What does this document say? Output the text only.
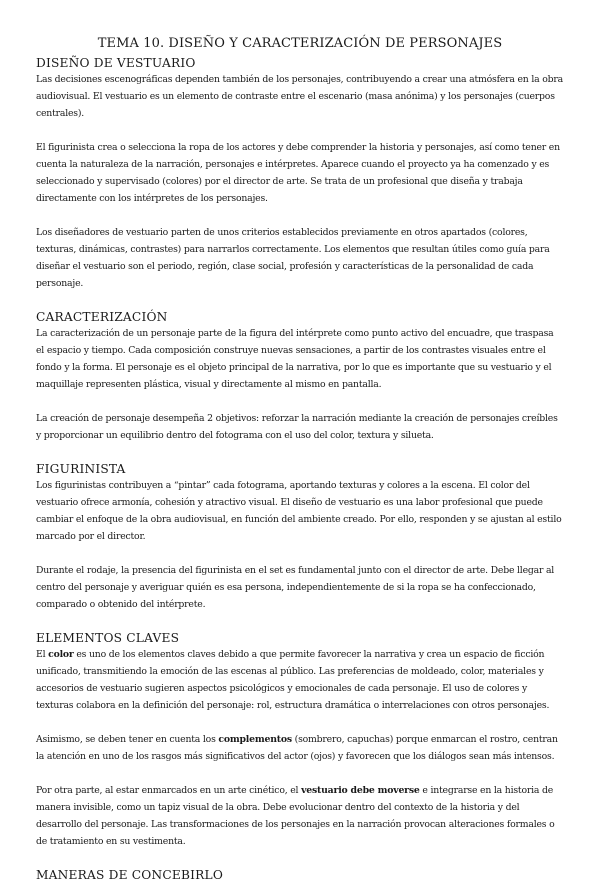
TEMA 10. DISEÑO Y CARACTERIZACIÓN DE PERSONAJES
DISEÑO DE VESTUARIO

Las decisiones escenográficas dependen también de los personajes, contribuyendo a crear una atmósfera en la obra audiovisual. El vestuario es un elemento de contraste entre el escenario (masa anónima) y los personajes (cuerpos centrales).

El figurinista crea o selecciona la ropa de los actores y debe comprender la historia y personajes, así como tener en cuenta la naturaleza de la narración, personajes e intérpretes. Aparece cuando el proyecto ya ha comenzado y es seleccionado y supervisado (colores) por el director de arte. Se trata de un profesional que diseña y trabaja directamente con los intérpretes de los personajes.

Los diseñadores de vestuario parten de unos criterios establecidos previamente en otros apartados (colores, texturas, dinámicas, contrastes) para narrarlos correctamente. Los elementos que resultan útiles como guía para diseñar el vestuario son el periodo, región, clase social, profesión y características de la personalidad de cada personaje.

CARACTERIZACIÓN

La caracterización de un personaje parte de la figura del intérprete como punto activo del encuadre, que traspasa el espacio y tiempo. Cada composición construye nuevas sensaciones, a partir de los contrastes visuales entre el fondo y la forma. El personaje es el objeto principal de la narrativa, por lo que es importante que su vestuario y el maquillaje representen plástica, visual y directamente al mismo en pantalla.

La creación de personaje desempeña 2 objetivos: reforzar la narración mediante la creación de personajes creíbles y proporcionar un equilibrio dentro del fotograma con el uso del color, textura y silueta.

FIGURINISTA

Los figurinistas contribuyen a “pintar” cada fotograma, aportando texturas y colores a la escena. El color del vestuario ofrece armonía, cohesión y atractivo visual. El diseño de vestuario es una labor profesional que puede cambiar el enfoque de la obra audiovisual, en función del ambiente creado. Por ello, responden y se ajustan al estilo marcado por el director.

Durante el rodaje, la presencia del figurinista en el set es fundamental junto con el director de arte. Debe llegar al centro del personaje y averiguar quién es esa persona, independientemente de si la ropa se ha confeccionado, comparado o obtenido del intérprete.

ELEMENTOS CLAVES

El color es uno de los elementos claves debido a que permite favorecer la narrativa y crea un espacio de ficción unificado, transmitiendo la emoción de las escenas al público. Las preferencias de moldeado, color, materiales y accesorios de vestuario sugieren aspectos psicológicos y emocionales de cada personaje. El uso de colores y texturas colabora en la definición del personaje: rol, estructura dramática o interrelaciones con otros personajes.

Asimismo, se deben tener en cuenta los complementos (sombrero, capuchas) porque enmarcan el rostro, centran la atención en uno de los rasgos más significativos del actor (ojos) y favorecen que los diálogos sean más intensos.

Por otra parte, al estar enmarcados en un arte cinético, el vestuario debe moverse e integrarse en la historia de manera invisible, como un tapiz visual de la obra. Debe evolucionar dentro del contexto de la historia y del desarrollo del personaje. Las transformaciones de los personajes en la narración provocan alteraciones formales o de tratamiento en su vestimenta.

MANERAS DE CONCEBIRLO
